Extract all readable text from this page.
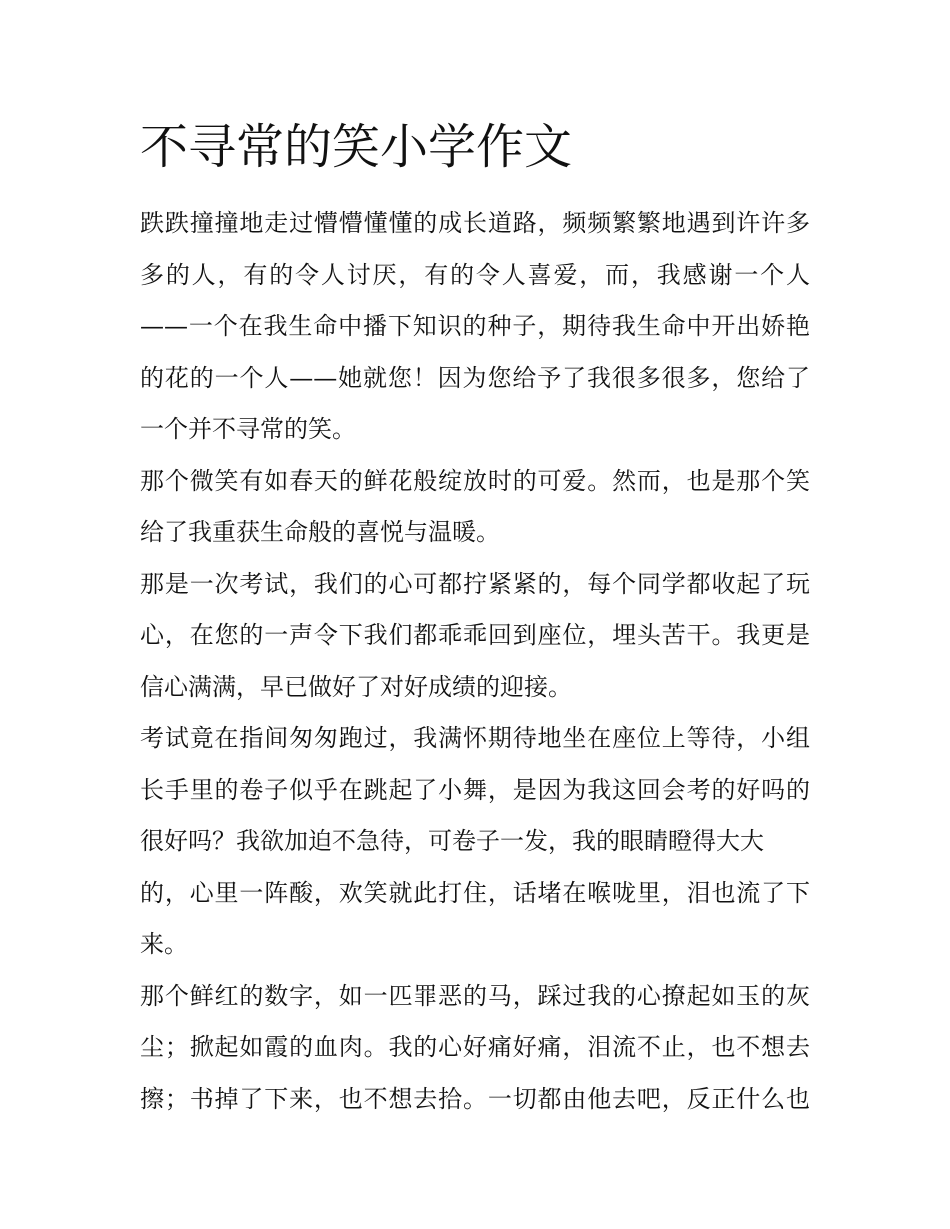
不寻常的笑小学作文
跌跌撞撞地走过懵懵懂懂的成长道路，频频繁繁地遇到许许多
多的人，有的令人讨厌，有的令人喜爱，而，我感谢一个人
——一个在我生命中播下知识的种子，期待我生命中开出娇艳
的花的一个人——她就您！因为您给予了我很多很多，您给了
一个并不寻常的笑。
那个微笑有如春天的鲜花般绽放时的可爱。然而，也是那个笑
给了我重获生命般的喜悦与温暖。
那是一次考试，我们的心可都拧紧紧的，每个同学都收起了玩
心，在您的一声令下我们都乖乖回到座位，埋头苦干。我更是
信心满满，早已做好了对好成绩的迎接。
考试竟在指间匆匆跑过，我满怀期待地坐在座位上等待，小组
长手里的卷子似乎在跳起了小舞，是因为我这回会考的好吗的
很好吗？我欲加迫不急待，可卷子一发，我的眼睛瞪得大大
的，心里一阵酸，欢笑就此打住，话堵在喉咙里，泪也流了下
来。
那个鲜红的数字，如一匹罪恶的马，踩过我的心撩起如玉的灰
尘；掀起如霞的血肉。我的心好痛好痛，泪流不止，也不想去
擦；书掉了下来，也不想去拾。一切都由他去吧，反正什么也
